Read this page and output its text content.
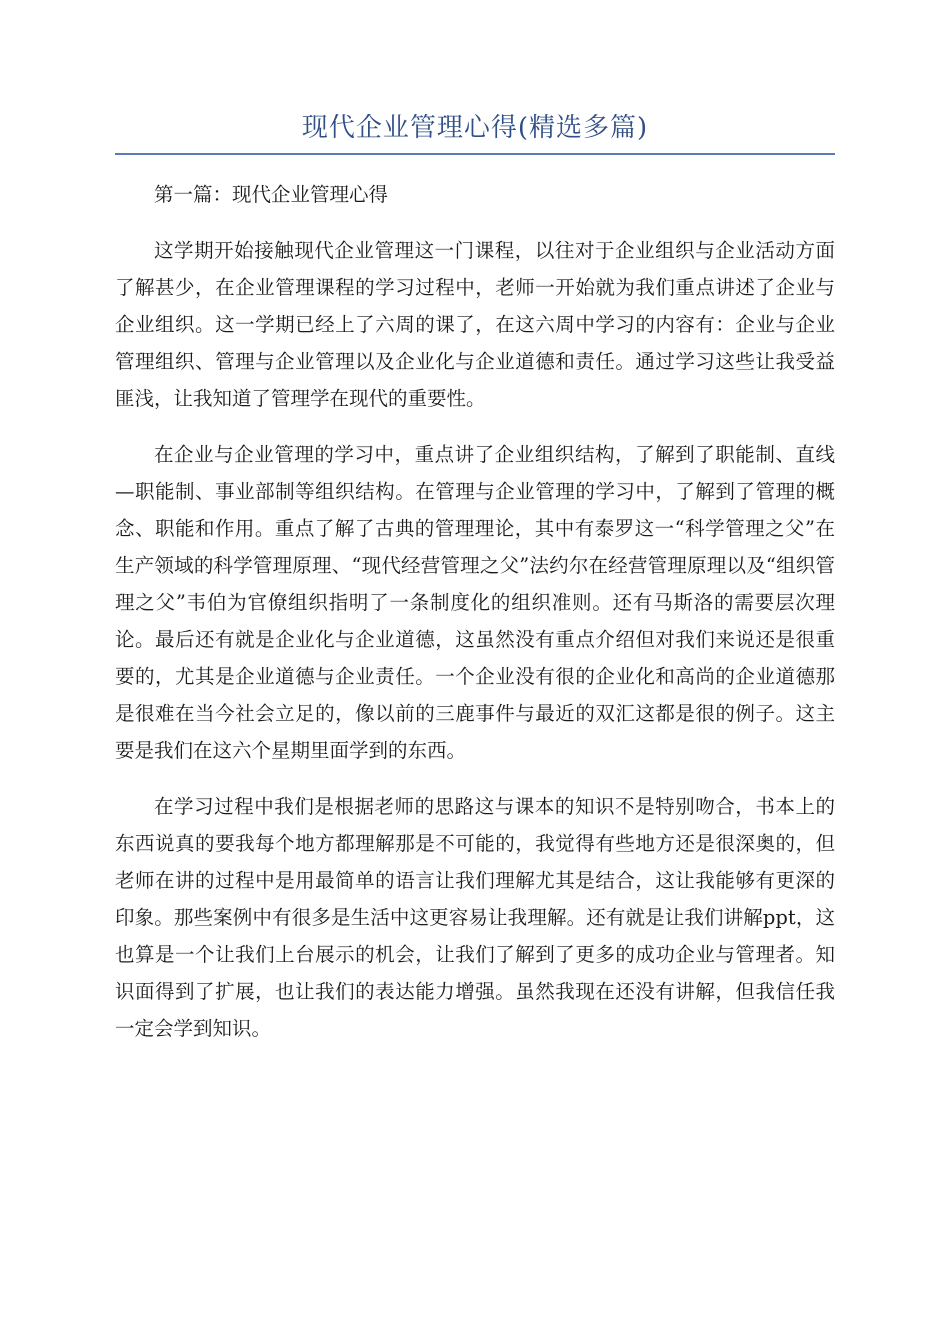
现代企业管理心得(精选多篇)

第一篇：现代企业管理心得

这学期开始接触现代企业管理这一门课程，以往对于企业组织与企业活动方面了解甚少，在企业管理课程的学习过程中，老师一开始就为我们重点讲述了企业与企业组织。这一学期已经上了六周的课了，在这六周中学习的内容有：企业与企业管理组织、管理与企业管理以及企业化与企业道德和责任。通过学习这些让我受益匪浅，让我知道了管理学在现代的重要性。

在企业与企业管理的学习中，重点讲了企业组织结构，了解到了职能制、直线—职能制、事业部制等组织结构。在管理与企业管理的学习中，了解到了管理的概念、职能和作用。重点了解了古典的管理理论，其中有泰罗这一“科学管理之父”在生产领域的科学管理原理、“现代经营管理之父”法约尔在经营管理原理以及“组织管理之父”韦伯为官僚组织指明了一条制度化的组织准则。还有马斯洛的需要层次理论。最后还有就是企业化与企业道德，这虽然没有重点介绍但对我们来说还是很重要的，尤其是企业道德与企业责任。一个企业没有很的企业化和高尚的企业道德那是很难在当今社会立足的，像以前的三鹿事件与最近的双汇这都是很的例子。这主要是我们在这六个星期里面学到的东西。

在学习过程中我们是根据老师的思路这与课本的知识不是特别吻合，书本上的东西说真的要我每个地方都理解那是不可能的，我觉得有些地方还是很深奥的，但老师在讲的过程中是用最简单的语言让我们理解尤其是结合，这让我能够有更深的印象。那些案例中有很多是生活中这更容易让我理解。还有就是让我们讲解ppt，这也算是一个让我们上台展示的机会，让我们了解到了更多的成功企业与管理者。知识面得到了扩展，也让我们的表达能力增强。虽然我现在还没有讲解，但我信任我一定会学到知识。
